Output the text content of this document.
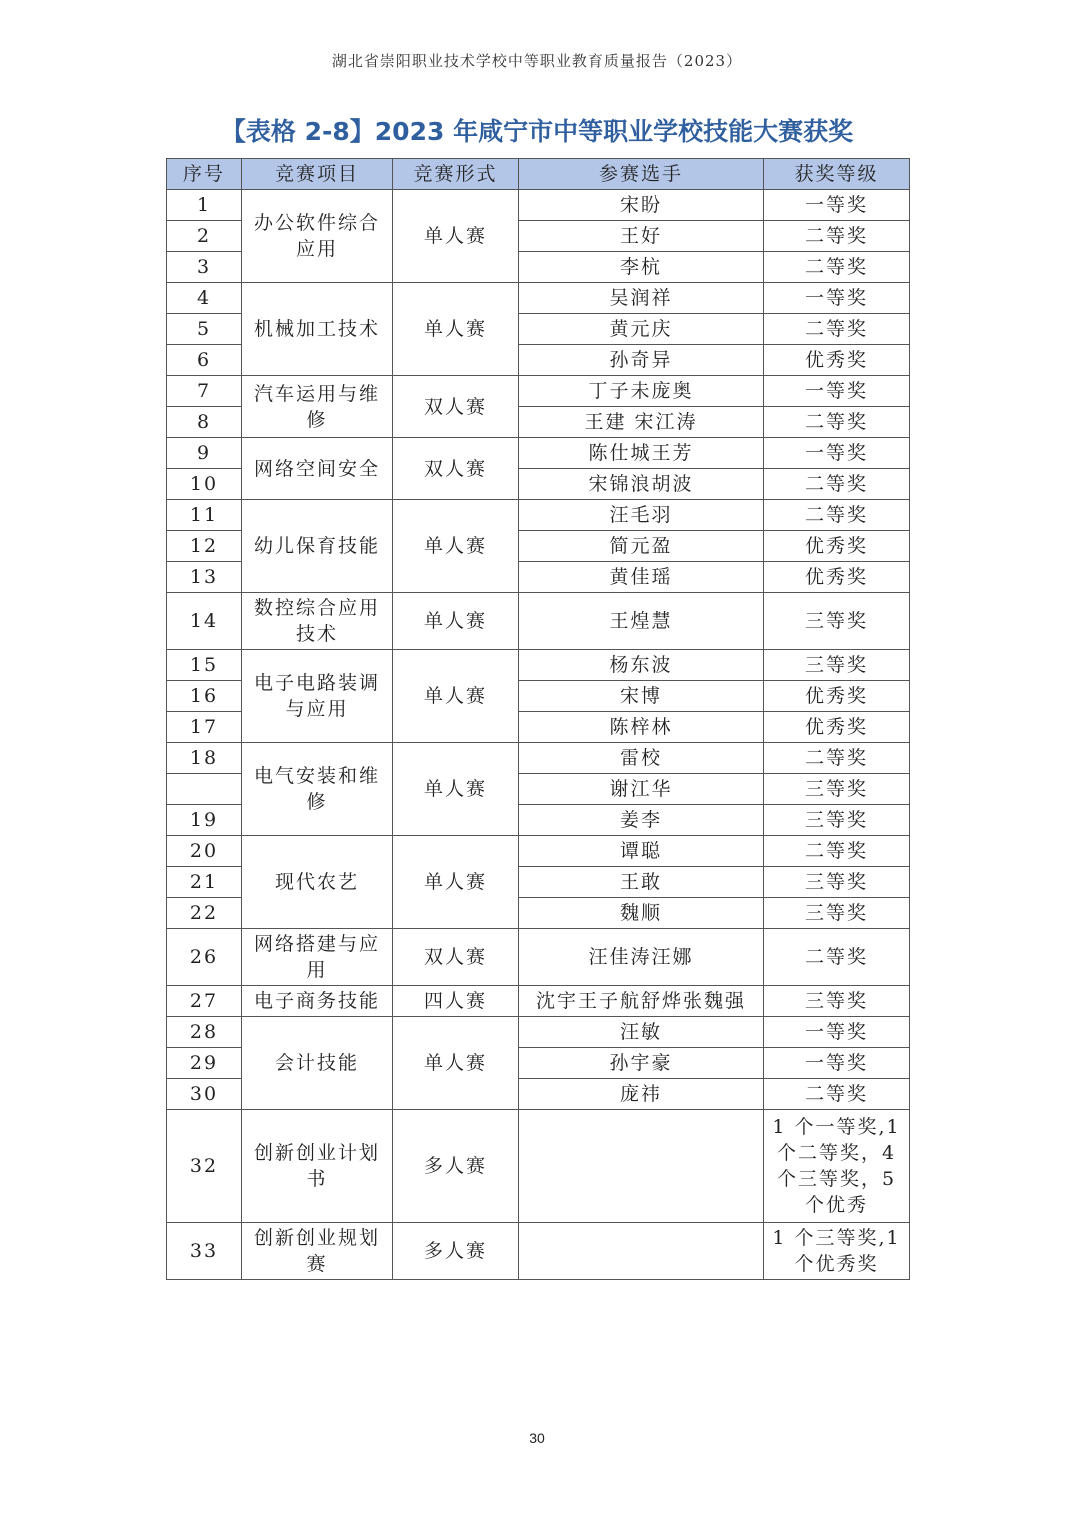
湖北省崇阳职业技术学校中等职业教育质量报告（2023）
【表格 2-8】2023 年咸宁市中等职业学校技能大赛获奖
序号	竞赛项目	竞赛形式	参赛选手	获奖等级
1	办公软件综合应用	单人赛	宋盼	一等奖
2			王好	二等奖
3			李杭	二等奖
4	机械加工技术	单人赛	吴润祥	一等奖
5			黄元庆	二等奖
6			孙奇异	优秀奖
7	汽车运用与维修	双人赛	丁子未庞奥	一等奖
8			王建 宋江涛	二等奖
9	网络空间安全	双人赛	陈仕城王芳	一等奖
10			宋锦浪胡波	二等奖
11	幼儿保育技能	单人赛	汪毛羽	二等奖
12			简元盈	优秀奖
13			黄佳瑶	优秀奖
14	数控综合应用技术	单人赛	王煌慧	三等奖
15	电子电路装调与应用	单人赛	杨东波	三等奖
16			宋博	优秀奖
17			陈梓林	优秀奖
18	电气安装和维修	单人赛	雷校	二等奖
			谢江华	三等奖
19			姜李	三等奖
20	现代农艺	单人赛	谭聪	二等奖
21			王敢	三等奖
22			魏顺	三等奖
26	网络搭建与应用	双人赛	汪佳涛汪娜	二等奖
27	电子商务技能	四人赛	沈宇王子航舒烨张魏强	三等奖
28	会计技能	单人赛	汪敏	一等奖
29			孙宇豪	一等奖
30			庞祎	二等奖
32	创新创业计划书	多人赛		1 个一等奖,1 个二等奖，4 个三等奖，5 个优秀
33	创新创业规划赛	多人赛		1 个三等奖,1 个优秀奖
30
